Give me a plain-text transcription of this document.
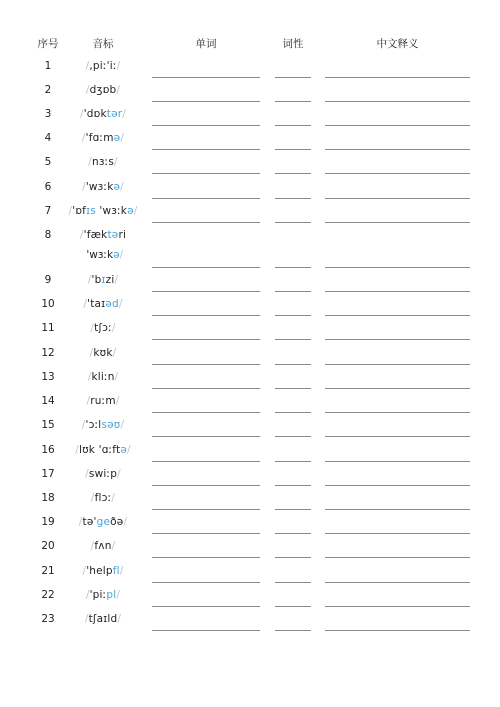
序号	音标	单词	词性	中文释义
1	/,piː'iː/
2	/dʒɒb/
3	/'dɒktər/
4	/'fɑːmə/
5	/nɜːs/
6	/'wɜːkə/
7	/'ɒfɪs 'wɜːkə/
8	/'fæktəri
'wɜːkə/
9	/'bɪzi/
10	/'taɪəd/
11	/tʃɔː/
12	/kʊk/
13	/kliːn/
14	/ruːm/
15	/'ɔːlsəʊ/
16	/lʊk 'ɑːftə/
17	/swiːp/
18	/flɔː/
19	/tə'geðə/
20	/fʌn/
21	/'helpfl/
22	/'piːpl/
23	/tʃaɪld/
